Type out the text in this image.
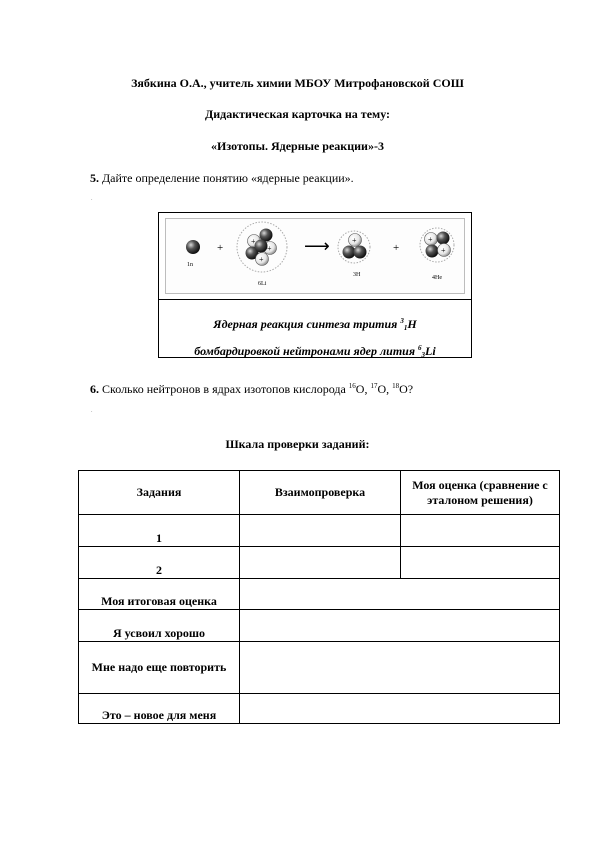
Зябкина О.А., учитель химии МБОУ Митрофановской СОШ
Дидактическая карточка на тему:
«Изотопы. Ядерные реакции»-3
5. Дайте определение понятию «ядерные реакции».
.
1n
+
+
+
+
6Li
⟶	+
3H
+
+
+
4He
Ядерная реакция синтеза трития $^3_1$H
бомбардировкой нейтронами ядер лития $^6_3$Li
6. Сколько нейтронов в ядрах изотопов кислорода $^{16}$O, $^{17}$O, $^{18}$O?
.
Шкала проверки заданий:
Задания	Взаимопроверка	Моя оценка (сравнение с эталоном решения)
1		
2		
Моя итоговая оценка		
Я усвоил хорошо		
Мне надо еще повторить		
Это – новое для меня		
